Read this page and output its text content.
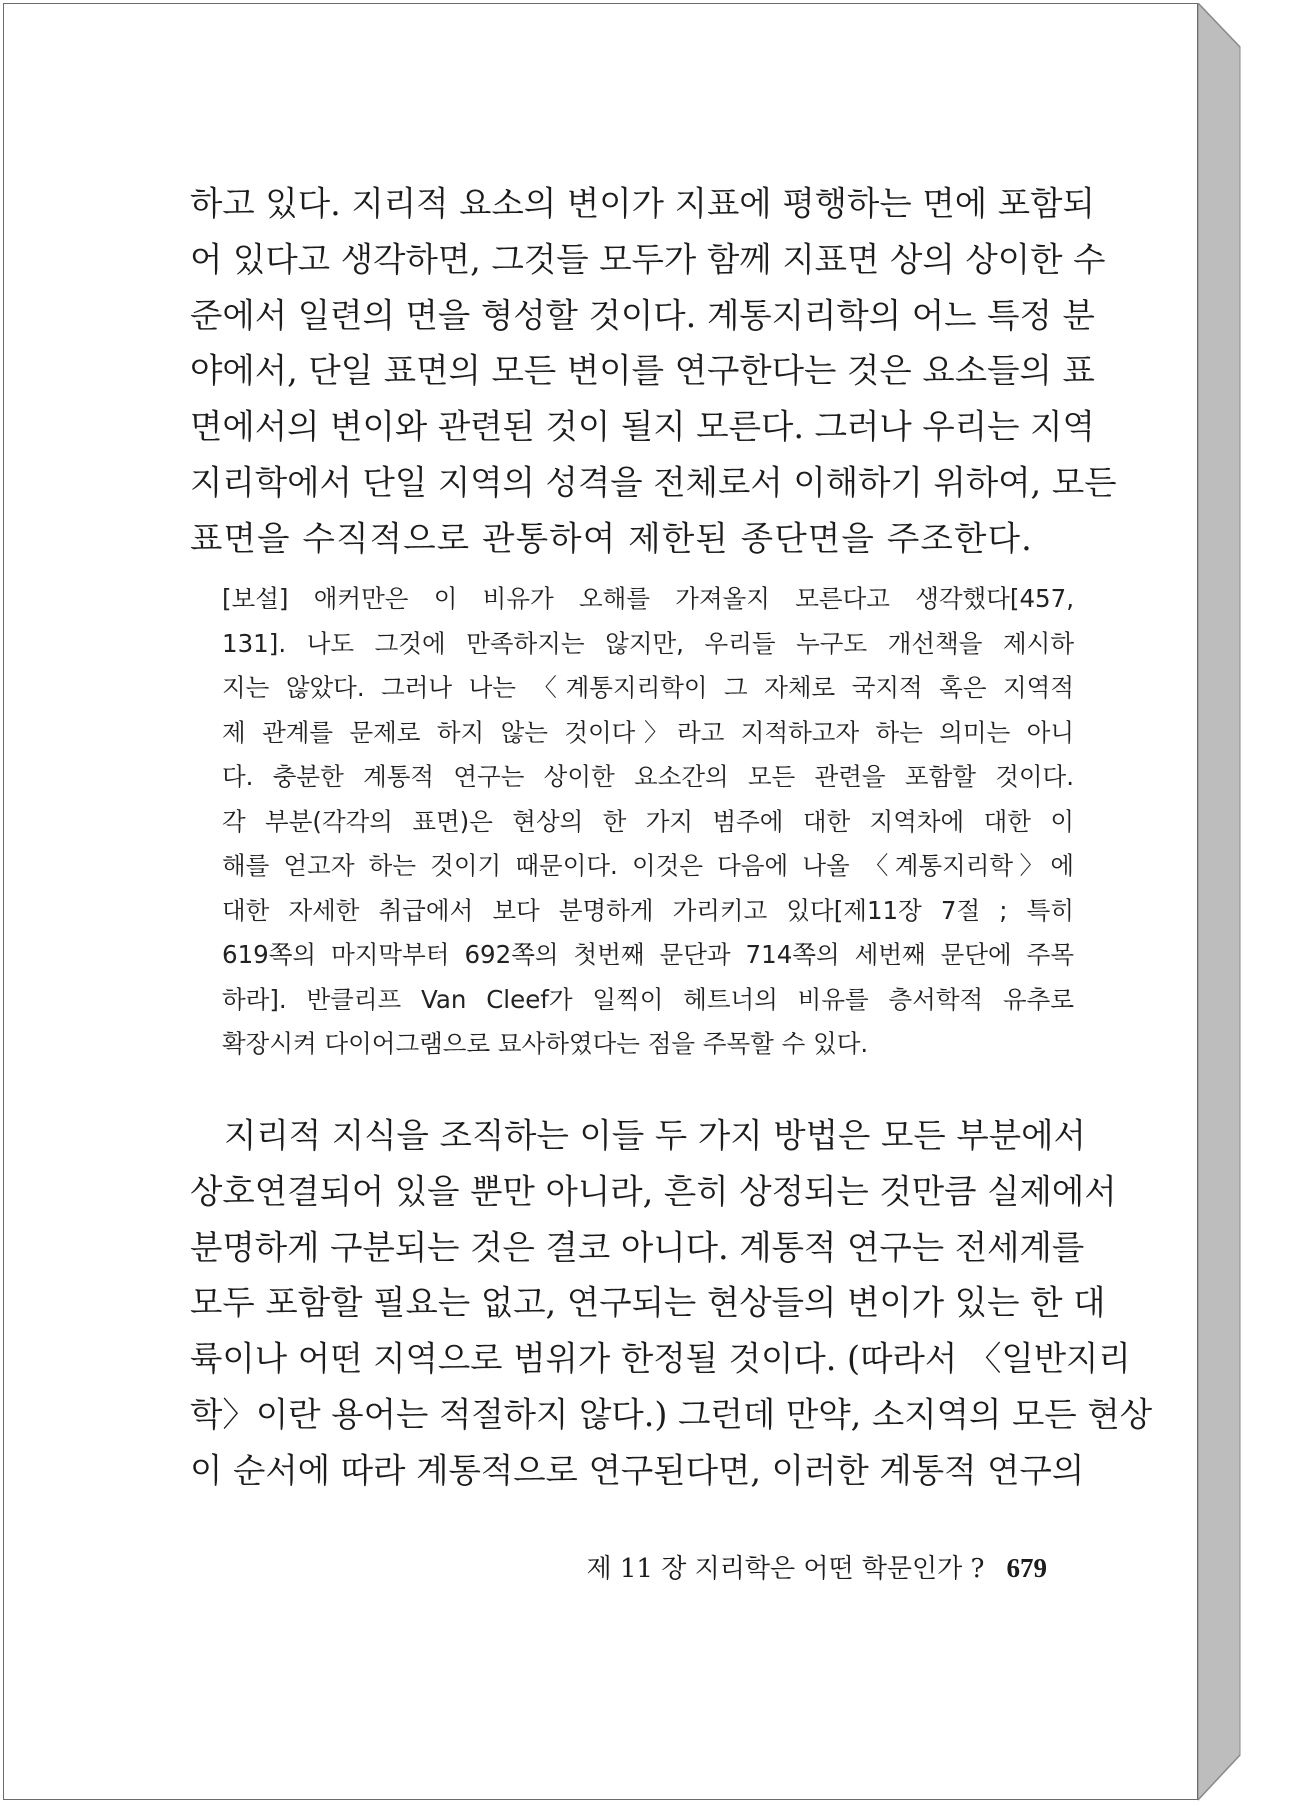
하고 있다. 지리적 요소의 변이가 지표에 평행하는 면에 포함되
어 있다고 생각하면, 그것들 모두가 함께 지표면 상의 상이한 수
준에서 일련의 면을 형성할 것이다. 계통지리학의 어느 특정 분
야에서, 단일 표면의 모든 변이를 연구한다는 것은 요소들의 표
면에서의 변이와 관련된 것이 될지 모른다. 그러나 우리는 지역
지리학에서 단일 지역의 성격을 전체로서 이해하기 위하여, 모든
표면을 수직적으로 관통하여 제한된 종단면을 주조한다.
[보설] 애커만은 이 비유가 오해를 가져올지 모른다고 생각했다[457,
131]. 나도 그것에 만족하지는 않지만, 우리들 누구도 개선책을 제시하
지는 않았다. 그러나 나는 〈계통지리학이 그 자체로 국지적 혹은 지역적
제 관계를 문제로 하지 않는 것이다〉라고 지적하고자 하는 의미는 아니
다. 충분한 계통적 연구는 상이한 요소간의 모든 관련을 포함할 것이다.
각 부분(각각의 표면)은 현상의 한 가지 범주에 대한 지역차에 대한 이
해를 얻고자 하는 것이기 때문이다. 이것은 다음에 나올 〈계통지리학〉에
대한 자세한 취급에서 보다 분명하게 가리키고 있다[제11장 7절 ; 특히
619쪽의 마지막부터 692쪽의 첫번째 문단과 714쪽의 세번째 문단에 주목
하라]. 반클리프 Van Cleef가 일찍이 헤트너의 비유를 층서학적 유추로
확장시켜 다이어그램으로 묘사하였다는 점을 주목할 수 있다.
지리적 지식을 조직하는 이들 두 가지 방법은 모든 부분에서
상호연결되어 있을 뿐만 아니라, 흔히 상정되는 것만큼 실제에서
분명하게 구분되는 것은 결코 아니다. 계통적 연구는 전세계를
모두 포함할 필요는 없고, 연구되는 현상들의 변이가 있는 한 대
륙이나 어떤 지역으로 범위가 한정될 것이다. (따라서 〈일반지리
학〉이란 용어는 적절하지 않다.) 그런데 만약, 소지역의 모든 현상
이 순서에 따라 계통적으로 연구된다면, 이러한 계통적 연구의
제 11 장 지리학은 어떤 학문인가 ? 679
